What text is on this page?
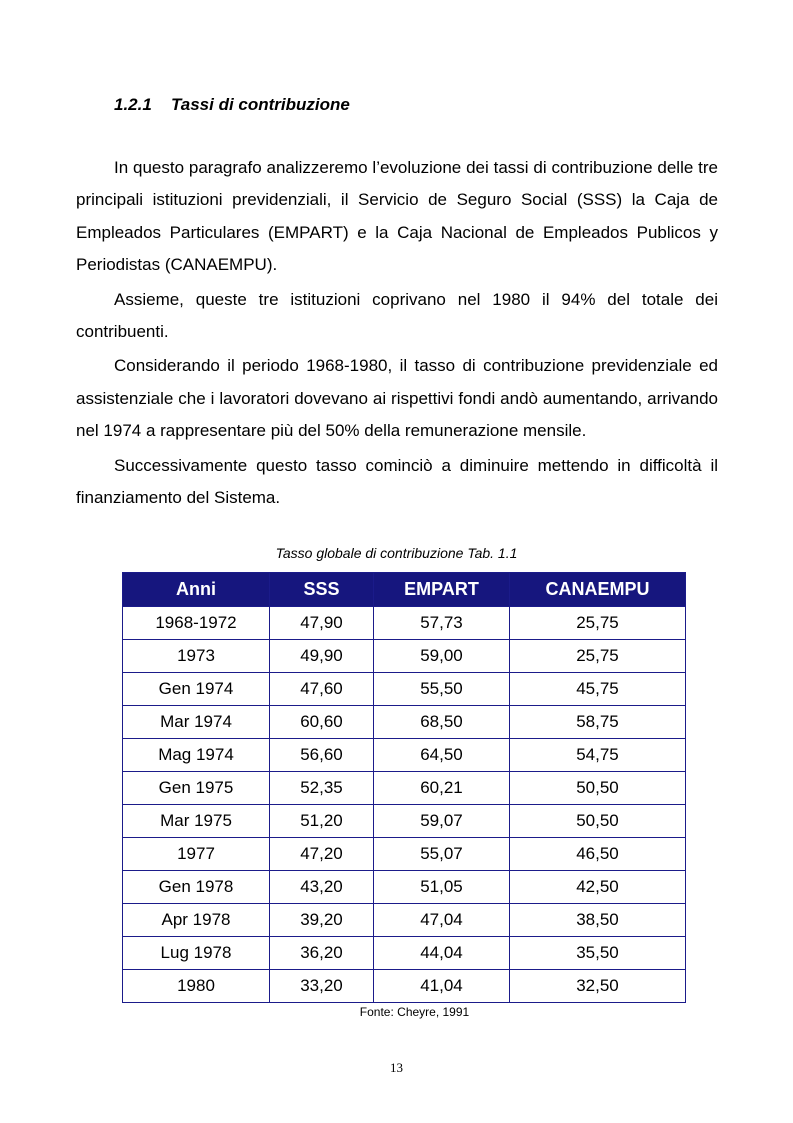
1.2.1 Tassi di contribuzione

In questo paragrafo analizzeremo l’evoluzione dei tassi di contribuzione delle tre principali istituzioni previdenziali, il Servicio de Seguro Social (SSS) la Caja de Empleados Particulares (EMPART) e la Caja Nacional de Empleados Publicos y Periodistas (CANAEMPU).

Assieme, queste tre istituzioni coprivano nel 1980 il 94% del totale dei contribuenti.

Considerando il periodo 1968-1980, il tasso di contribuzione previdenziale ed assistenziale che i lavoratori dovevano ai rispettivi fondi andò aumentando, arrivando nel 1974 a rappresentare più del 50% della remunerazione mensile.

Successivamente questo tasso cominciò a diminuire mettendo in difficoltà il finanziamento del Sistema.

Tasso globale di contribuzione Tab. 1.1
Anni	SSS	EMPART	CANAEMPU
1968-1972	47,90	57,73	25,75
1973	49,90	59,00	25,75
Gen 1974	47,60	55,50	45,75
Mar 1974	60,60	68,50	58,75
Mag 1974	56,60	64,50	54,75
Gen 1975	52,35	60,21	50,50
Mar 1975	51,20	59,07	50,50
1977	47,20	55,07	46,50
Gen 1978	43,20	51,05	42,50
Apr 1978	39,20	47,04	38,50
Lug 1978	36,20	44,04	35,50
1980	33,20	41,04	32,50
Fonte: Cheyre, 1991
13
